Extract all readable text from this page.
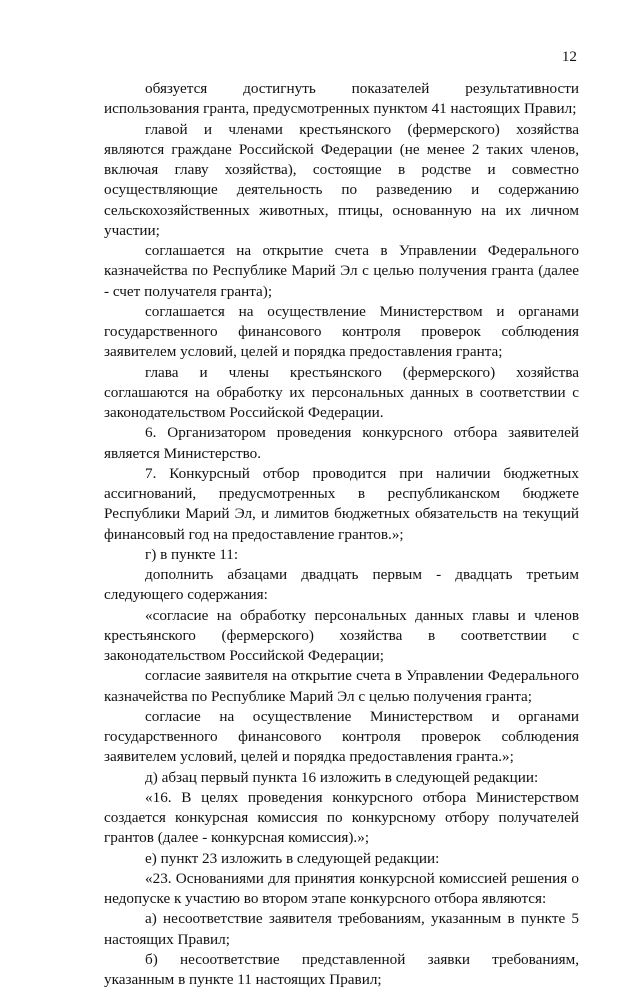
12

обязуется достигнуть показателей результативности использования гранта, предусмотренных пунктом 41 настоящих Правил;

главой и членами крестьянского (фермерского) хозяйства являются граждане Российской Федерации (не менее 2 таких членов, включая главу хозяйства), состоящие в родстве и совместно осуществляющие деятельность по разведению и содержанию сельскохозяйственных животных, птицы, основанную на их личном участии;

соглашается на открытие счета в Управлении Федерального казначейства по Республике Марий Эл с целью получения гранта (далее - счет получателя гранта);

соглашается на осуществление Министерством и органами государственного финансового контроля проверок соблюдения заявителем условий, целей и порядка предоставления гранта;

глава и члены крестьянского (фермерского) хозяйства соглашаются на обработку их персональных данных в соответствии с законодательством Российской Федерации.

6. Организатором проведения конкурсного отбора заявителей является Министерство.

7. Конкурсный отбор проводится при наличии бюджетных ассигнований, предусмотренных в республиканском бюджете Республики Марий Эл, и лимитов бюджетных обязательств на текущий финансовый год на предоставление грантов.»;

г) в пункте 11:

дополнить абзацами двадцать первым - двадцать третьим следующего содержания:

«согласие на обработку персональных данных главы и членов крестьянского (фермерского) хозяйства в соответствии с законодательством Российской Федерации;

согласие заявителя на открытие счета в Управлении Федерального казначейства по Республике Марий Эл с целью получения гранта;

согласие на осуществление Министерством и органами государственного финансового контроля проверок соблюдения заявителем условий, целей и порядка предоставления гранта.»;

д) абзац первый пункта 16 изложить в следующей редакции:

«16. В целях проведения конкурсного отбора Министерством создается конкурсная комиссия по конкурсному отбору получателей грантов (далее - конкурсная комиссия).»;

е) пункт 23 изложить в следующей редакции:

«23. Основаниями для принятия конкурсной комиссией решения о недопуске к участию во втором этапе конкурсного отбора являются:

а) несоответствие заявителя требованиям, указанным в пункте 5 настоящих Правил;

б) несоответствие представленной заявки требованиям, указанным в пункте 11 настоящих Правил;
